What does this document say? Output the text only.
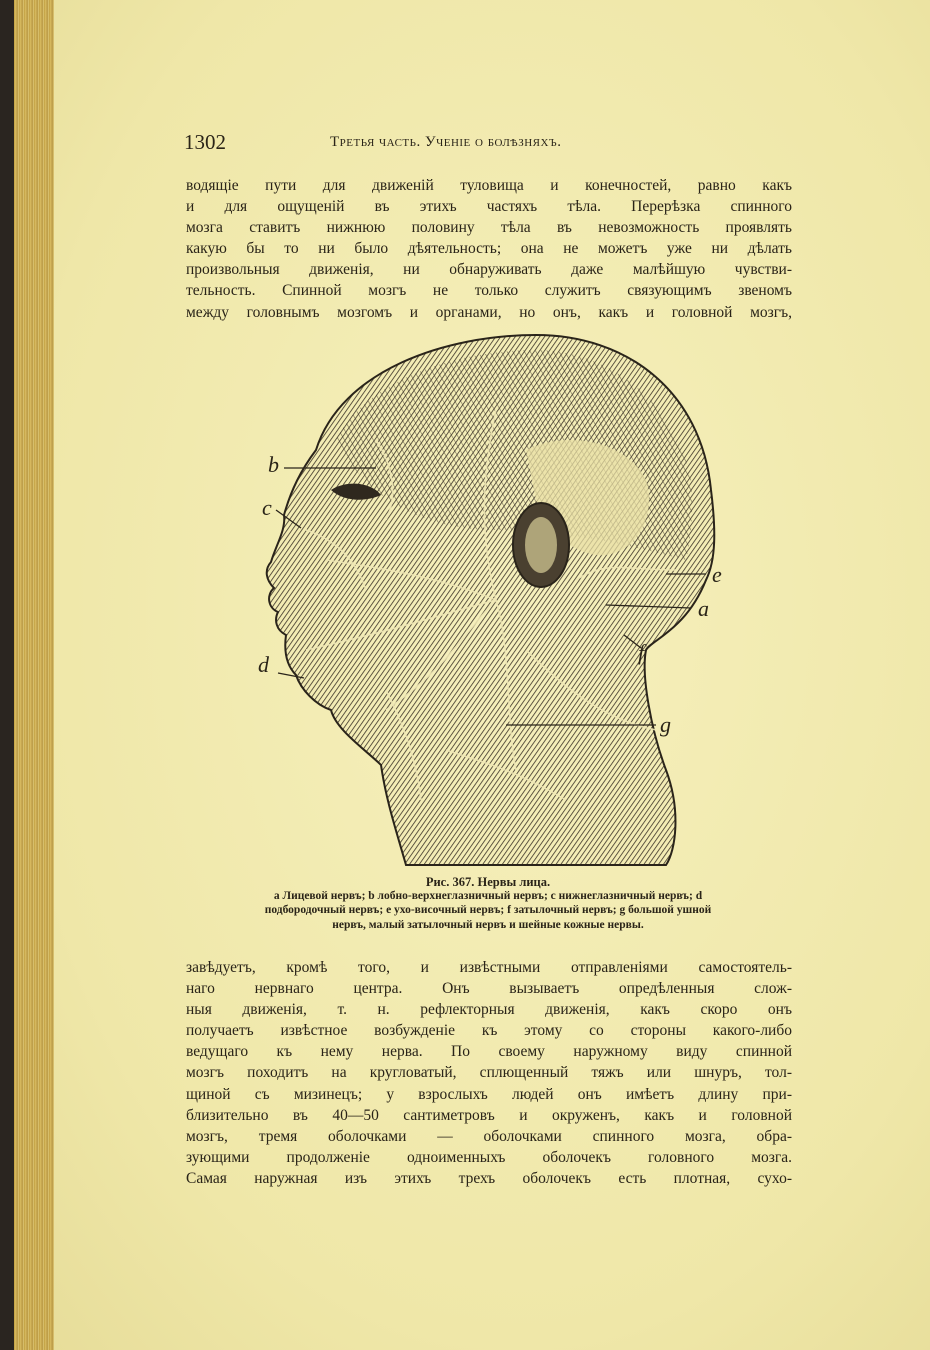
1302	Третья часть. Ученіе о болѣзняхъ.
водящіе пути для движеній туловища и конечностей, равно какъ
и для ощущеній въ этихъ частяхъ тѣла. Перерѣзка спинного
мозга ставитъ нижнюю половину тѣла въ невозможность проявлять
какую бы то ни было дѣятельность; она не можетъ уже ни дѣлать
произвольныя движенія, ни обнаруживать даже малѣйшую чувстви-
тельность. Спинной мозгъ не только служитъ связующимъ звеномъ
между головнымъ мозгомъ и органами, но онъ, какъ и головной мозгъ,
b
c
d
e
a
f
g
Рис. 367. Нервы лица.
a Лицевой нервъ; b лобно-верхнеглазничный нервъ; c нижнеглазничный нервъ; d
подбородочный нервъ; e ухо-височный нервъ; f затылочный нервъ; g большой ушной
нервъ, малый затылочный нервъ и шейные кожные нервы.
завѣдуетъ, кромѣ того, и извѣстными отправленіями самостоятель-
наго нервнаго центра. Онъ вызываетъ опредѣленныя слож-
ныя движенія, т. н. рефлекторныя движенія, какъ скоро онъ
получаетъ извѣстное возбужденіе къ этому со стороны какого-либо
ведущаго къ нему нерва. По своему наружному виду спинной
мозгъ походитъ на кругловатый, сплющенный тяжъ или шнуръ, тол-
щиной съ мизинецъ; у взрослыхъ людей онъ имѣетъ длину при-
близительно въ 40—50 сантиметровъ и окруженъ, какъ и головной
мозгъ, тремя оболочками — оболочками спинного мозга, обра-
зующими продолженіе одноименныхъ оболочекъ головного мозга.
Самая наружная изъ этихъ трехъ оболочекъ есть плотная, сухо-
